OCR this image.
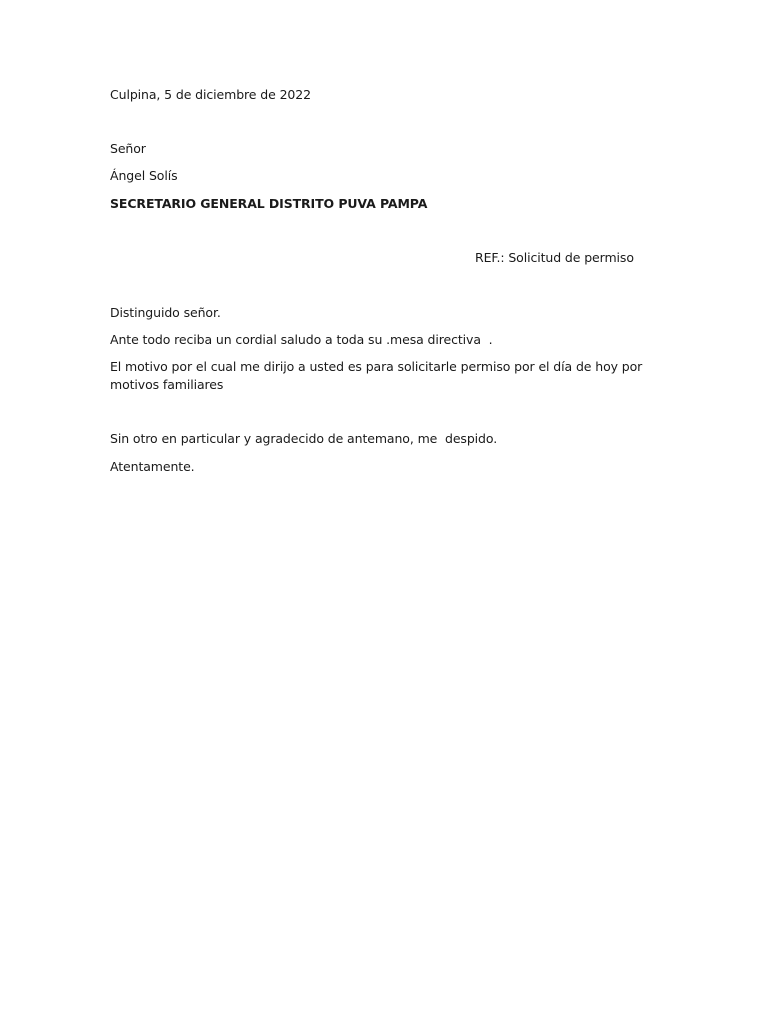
Culpina, 5 de diciembre de 2022
Señor
Ángel Solís
SECRETARIO GENERAL DISTRITO PUVA PAMPA
REF.: Solicitud de permiso
Distinguido señor.
Ante todo reciba un cordial saludo a toda su .mesa directiva  .
El motivo por el cual me dirijo a usted es para solicitarle permiso por el día de hoy por motivos familiares
Sin otro en particular y agradecido de antemano, me  despido.
Atentamente.
